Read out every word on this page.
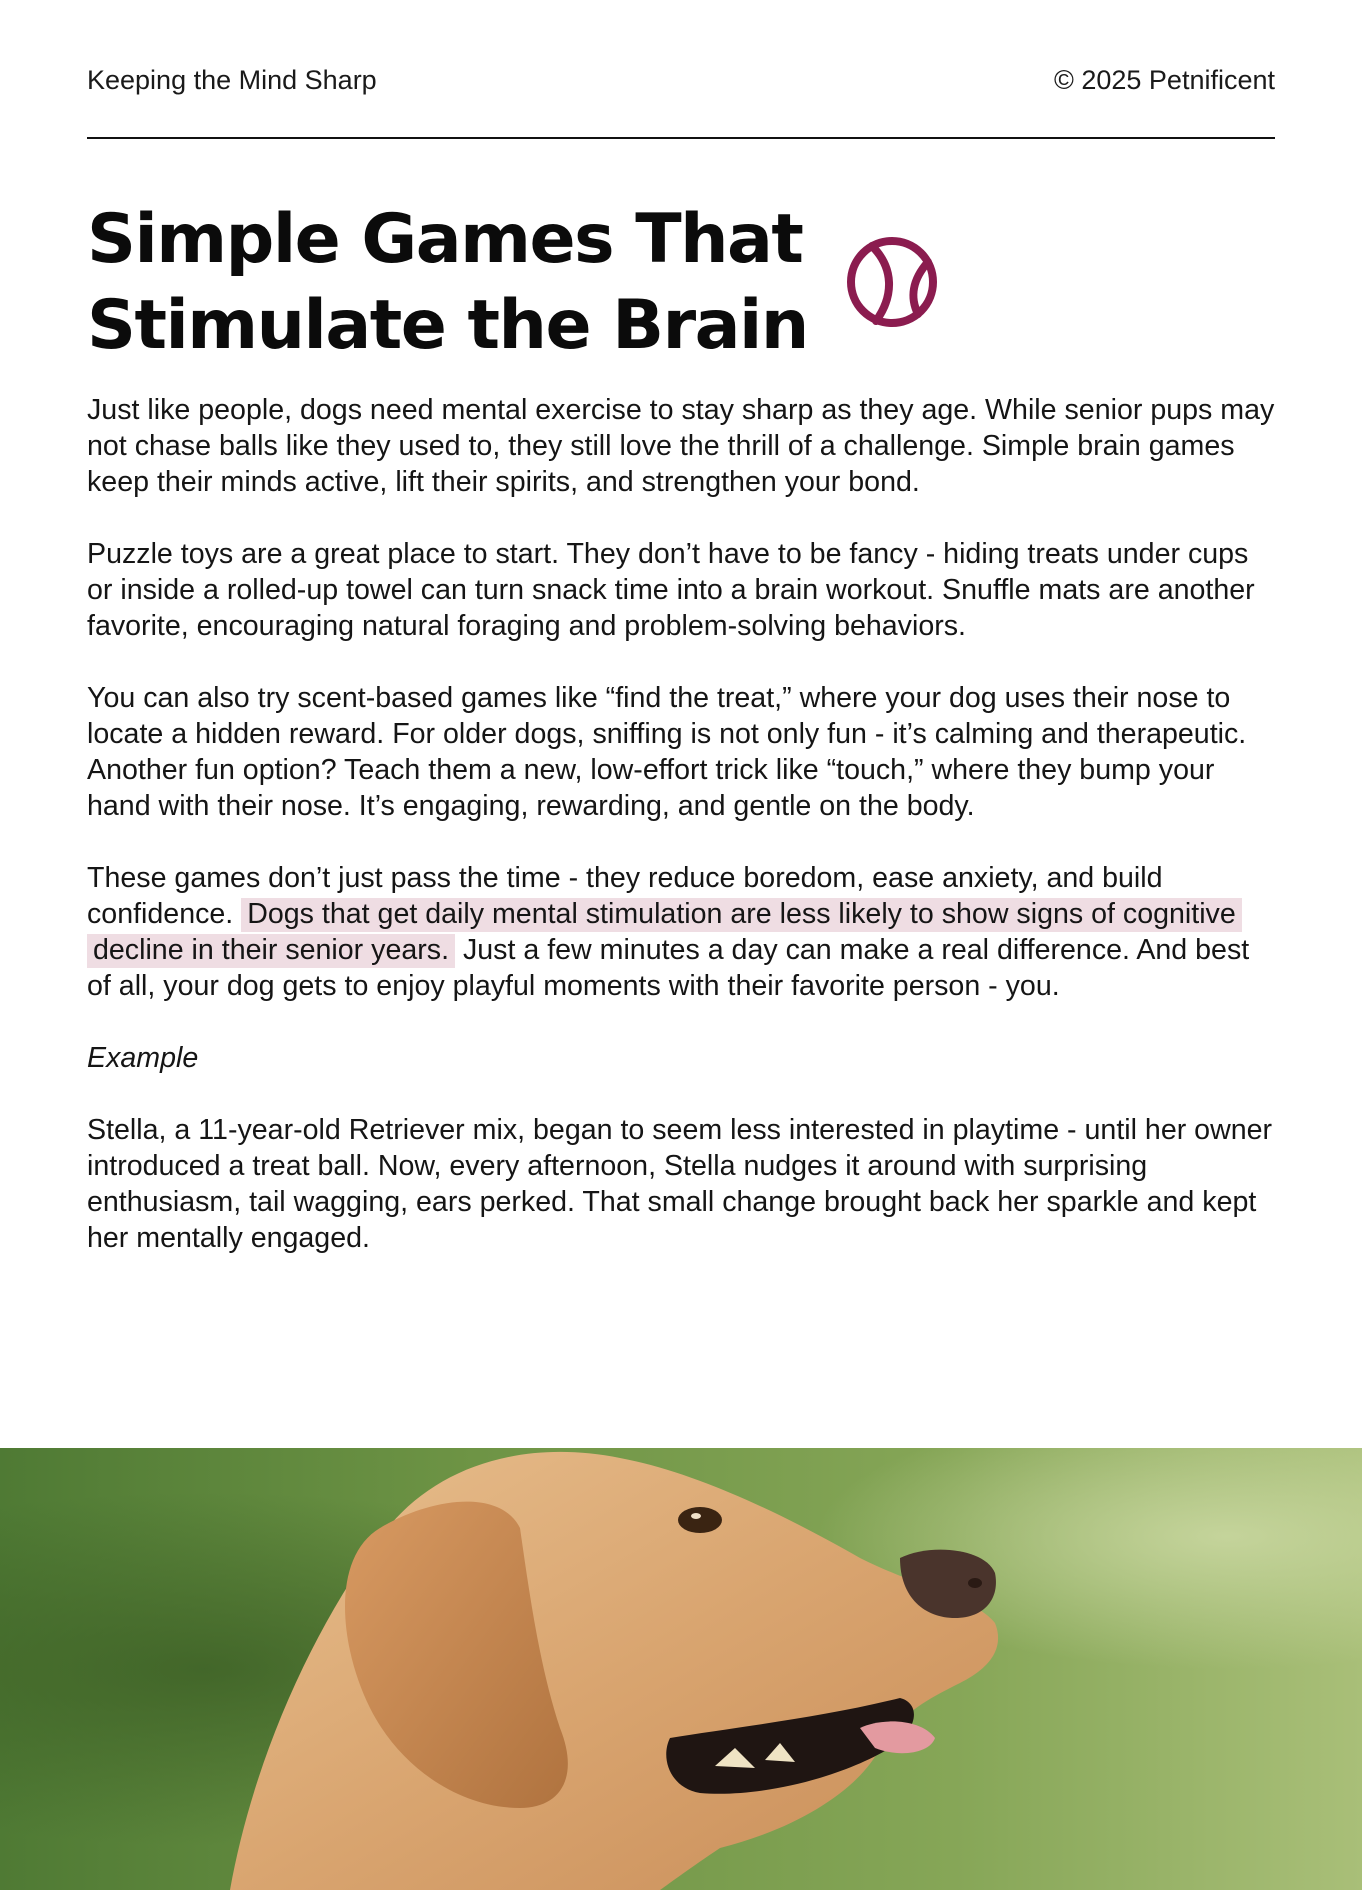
Keeping the Mind Sharp	© 2025 Petnificent
Simple Games That
Stimulate the Brain

Just like people, dogs need mental exercise to stay sharp as they age. While senior pups may not chase balls like they used to, they still love the thrill of a challenge. Simple brain games keep their minds active, lift their spirits, and strengthen your bond.

Puzzle toys are a great place to start. They don’t have to be fancy - hiding treats under cups or inside a rolled-up towel can turn snack time into a brain workout. Snuffle mats are another favorite, encouraging natural foraging and problem-solving behaviors.

You can also try scent-based games like “find the treat,” where your dog uses their nose to locate a hidden reward. For older dogs, sniffing is not only fun - it’s calming and therapeutic. Another fun option? Teach them a new, low-effort trick like “touch,” where they bump your hand with their nose. It’s engaging, rewarding, and gentle on the body.

These games don’t just pass the time - they reduce boredom, ease anxiety, and build confidence. Dogs that get daily mental stimulation are less likely to show signs of cognitive decline in their senior years. Just a few minutes a day can make a real difference. And best of all, your dog gets to enjoy playful moments with their favorite person - you.

Example

Stella, a 11-year-old Retriever mix, began to seem less interested in playtime - until her owner introduced a treat ball. Now, every afternoon, Stella nudges it around with surprising enthusiasm, tail wagging, ears perked. That small change brought back her sparkle and kept her mentally engaged.
